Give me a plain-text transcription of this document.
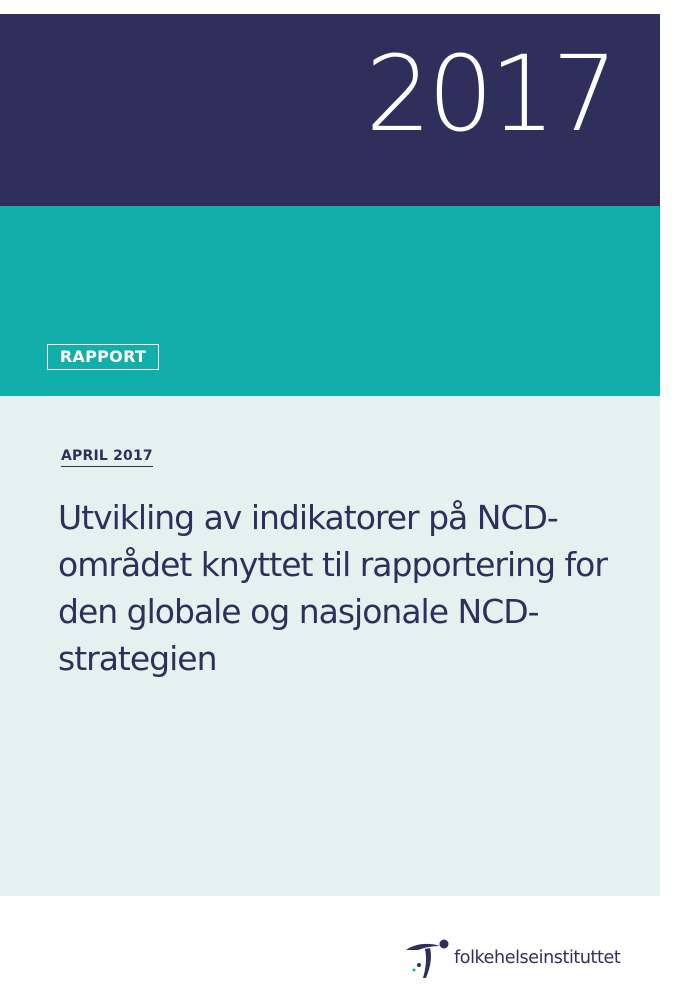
2017
RAPPORT
APRIL 2017
Utvikling av indikatorer på NCD-området knyttet til rapportering for den globale og nasjonale NCD-strategien
folkehelseinstituttet
